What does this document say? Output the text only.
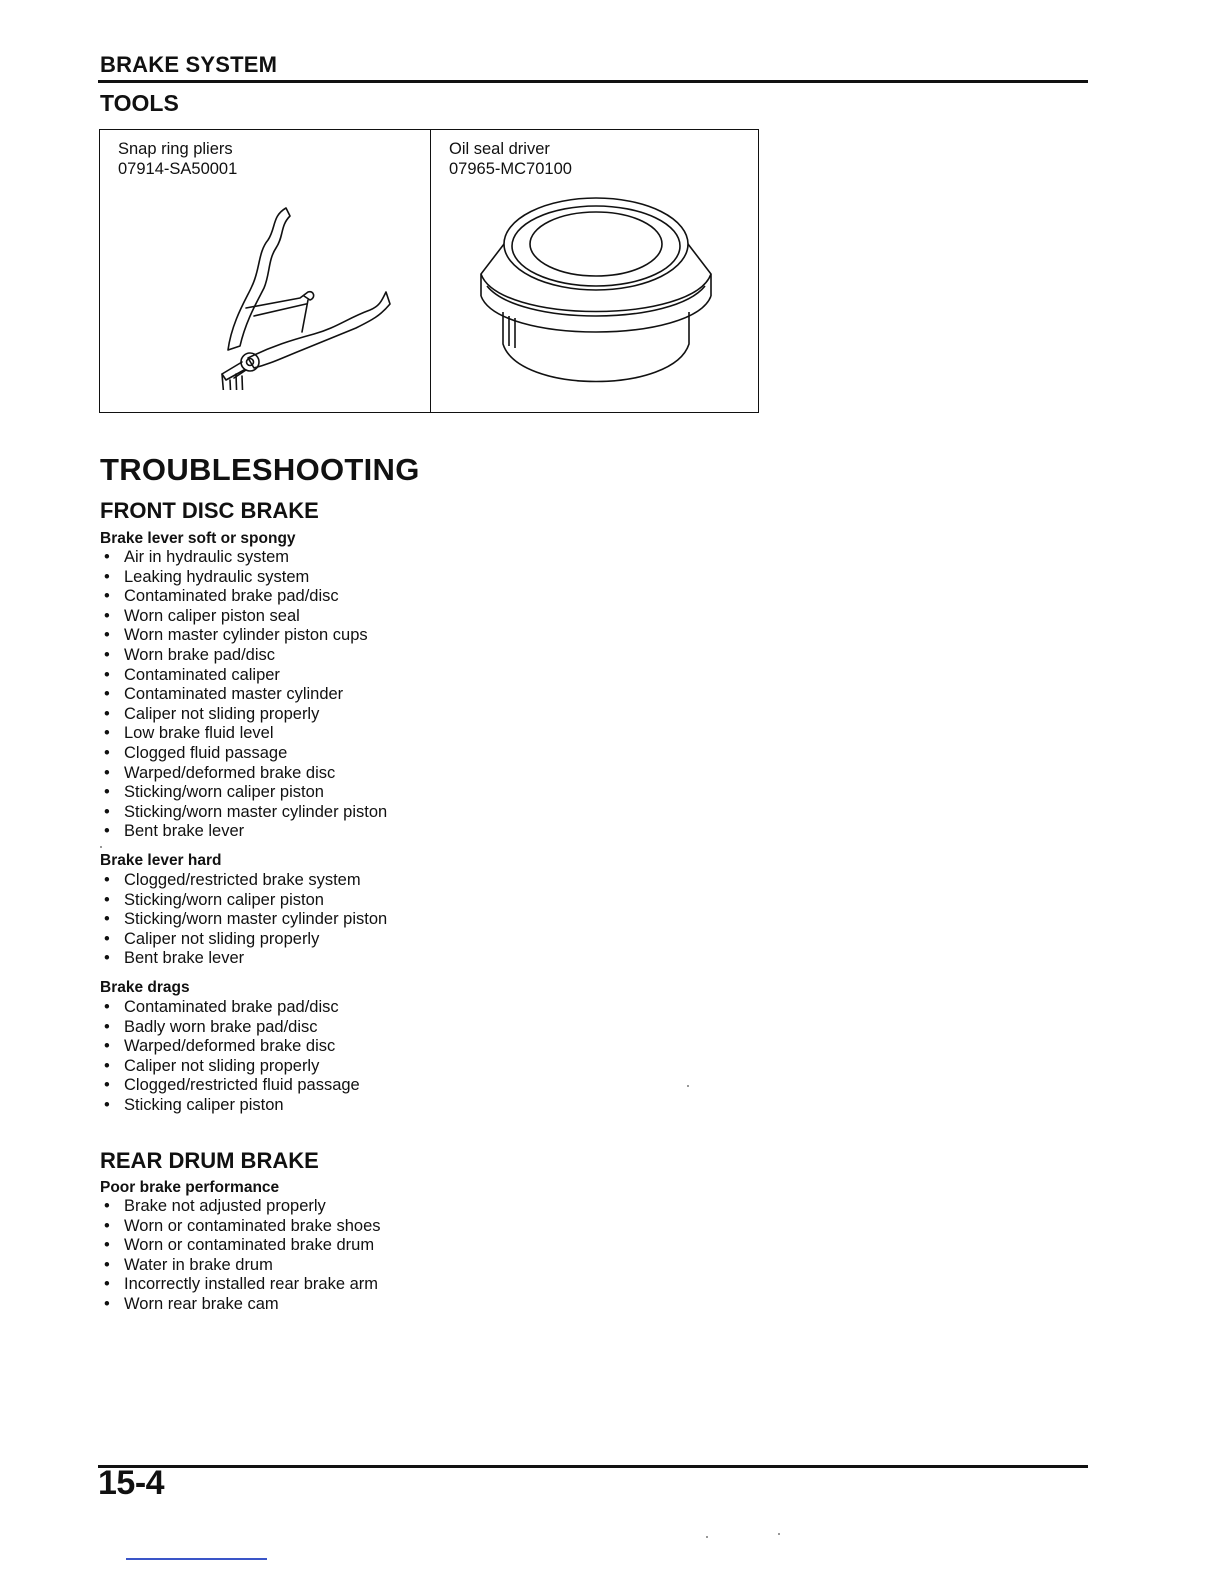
BRAKE SYSTEM
TOOLS
Snap ring pliers
07914-SA50001
Oil seal driver
07965-MC70100
TROUBLESHOOTING
FRONT DISC BRAKE
Brake lever soft or spongy
• Air in hydraulic system
• Leaking hydraulic system
• Contaminated brake pad/disc
• Worn caliper piston seal
• Worn master cylinder piston cups
• Worn brake pad/disc
• Contaminated caliper
• Contaminated master cylinder
• Caliper not sliding properly
• Low brake fluid level
• Clogged fluid passage
• Warped/deformed brake disc
• Sticking/worn caliper piston
• Sticking/worn master cylinder piston
• Bent brake lever
Brake lever hard
• Clogged/restricted brake system
• Sticking/worn caliper piston
• Sticking/worn master cylinder piston
• Caliper not sliding properly
• Bent brake lever
Brake drags
• Contaminated brake pad/disc
• Badly worn brake pad/disc
• Warped/deformed brake disc
• Caliper not sliding properly
• Clogged/restricted fluid passage
• Sticking caliper piston
REAR DRUM BRAKE
Poor brake performance
• Brake not adjusted properly
• Worn or contaminated brake shoes
• Worn or contaminated brake drum
• Water in brake drum
• Incorrectly installed rear brake arm
• Worn rear brake cam
15-4
